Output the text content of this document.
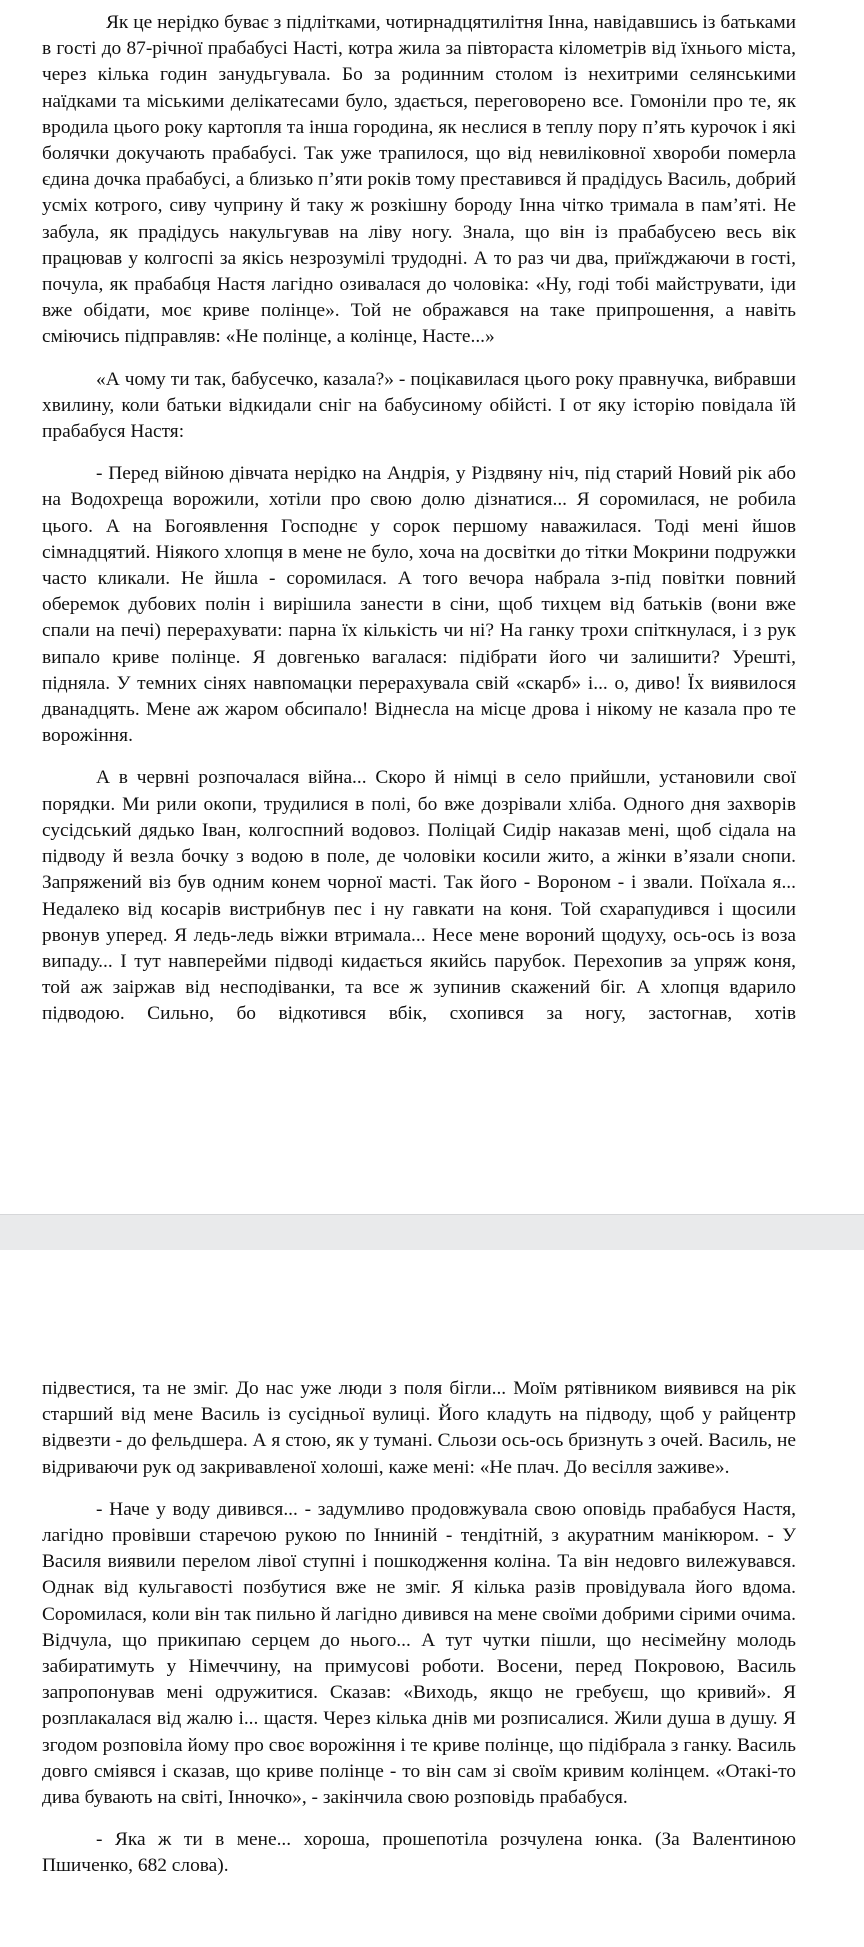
Як це нерідко буває з підлітками, чотирнадцятилітня Інна, навідавшись із батьками в гості до 87-річної прабабусі Насті, котра жила за півтораста кілометрів від їхнього міста, через кілька годин занудьгувала. Бо за родинним столом із нехитрими селянськими наїдками та міськими делікатесами було, здається, переговорено все. Гомоніли про те, як вродила цього року картопля та інша городина, як неслися в теплу пору п’ять курочок і які болячки докучають прабабусі. Так уже трапилося, що від невиліковної хвороби померла єдина дочка прабабусі, а близько п’яти років тому преставився й прадідусь Василь, добрий усміх котрого, сиву чуприну й таку ж розкішну бороду Інна чітко тримала в пам’яті. Не забула, як прадідусь накульгував на ліву ногу. Знала, що він із прабабусею весь вік працював у колгоспі за якісь незрозумілі трудодні. А то раз чи два, приїжджаючи в гості, почула, як прабабця Настя лагідно озивалася до чоловіка: «Ну, годі тобі майструвати, іди вже обідати, моє криве полінце». Той не ображався на таке припрошення, а навіть сміючись підправляв: «Не полінце, а колінце, Насте...»

«А чому ти так, бабусечко, казала?» - поцікавилася цього року правнучка, вибравши хвилину, коли батьки відкидали сніг на бабусиному обійсті. І от яку історію повідала їй прабабуся Настя:

- Перед війною дівчата нерідко на Андрія, у Різдвяну ніч, під старий Новий рік або на Водохреща ворожили, хотіли про свою долю дізнатися... Я соромилася, не робила цього. А на Богоявлення Господнє у сорок першому наважилася. Тоді мені йшов сімнадцятий. Ніякого хлопця в мене не було, хоча на досвітки до тітки Мокрини подружки часто кликали. Не йшла - соромилася. А того вечора набрала з-під повітки повний оберемок дубових полін і вирішила занести в сіни, щоб тихцем від батьків (вони вже спали на печі) перерахувати: парна їх кількість чи ні? На ганку трохи спіткнулася, і з рук випало криве полінце. Я довгенько вагалася: підібрати його чи залишити? Урешті, підняла. У темних сінях навпомацки перерахувала свій «скарб» і... о, диво! Їх виявилося дванадцять. Мене аж жаром обсипало! Віднесла на місце дрова і нікому не казала про те ворожіння.

А в червні розпочалася війна... Скоро й німці в село прийшли, установили свої порядки. Ми рили окопи, трудилися в полі, бо вже дозрівали хліба. Одного дня захворів сусідський дядько Іван, колгоспний водовоз. Поліцай Сидір наказав мені, щоб сідала на підводу й везла бочку з водою в поле, де чоловіки косили жито, а жінки в’язали снопи. Запряжений віз був одним конем чорної масті. Так його - Вороном - і звали. Поїхала я... Недалеко від косарів вистрибнув пес і ну гавкати на коня. Той схарапудився і щосили рвонув уперед. Я ледь-ледь віжки втримала... Несе мене вороний щодуху, ось-ось із воза випаду... І тут навперейми підводі кидається якийсь парубок. Перехопив за упряж коня, той аж заіржав від несподіванки, та все ж зупинив скажений біг. А хлопця вдарило підводою. Сильно, бо відкотився вбік, схопився за ногу, застогнав, хотів

підвестися, та не зміг. До нас уже люди з поля бігли... Моїм рятівником виявився на рік старший від мене Василь із сусідньої вулиці. Його кладуть на підводу, щоб у райцентр відвезти - до фельдшера. А я стою, як у тумані. Сльози ось-ось бризнуть з очей. Василь, не відриваючи рук од закривавленої холоші, каже мені: «Не плач. До весілля заживе».

- Наче у воду дивився... - задумливо продовжувала свою оповідь прабабуся Настя, лагідно провівши старечою рукою по Інниній - тендітній, з акуратним манікюром. - У Василя виявили перелом лівої ступні і пошкодження коліна. Та він недовго вилежувався. Однак від кульгавості позбутися вже не зміг. Я кілька разів провідувала його вдома. Соромилася, коли він так пильно й лагідно дивився на мене своїми добрими сірими очима. Відчула, що прикипаю серцем до нього... А тут чутки пішли, що несімейну молодь забиратимуть у Німеччину, на примусові роботи. Восени, перед Покровою, Василь запропонував мені одружитися. Сказав: «Виходь, якщо не гребуєш, що кривий». Я розплакалася від жалю і... щастя. Через кілька днів ми розписалися. Жили душа в душу. Я згодом розповіла йому про своє ворожіння і те криве полінце, що підібрала з ганку. Василь довго сміявся і сказав, що криве полінце - то він сам зі своїм кривим колінцем. «Отакі-то дива бувають на світі, Інночко», - закінчила свою розповідь прабабуся.

- Яка ж ти в мене... хороша, прошепотіла розчулена юнка. (За Валентиною Пшиченко, 682 слова).
